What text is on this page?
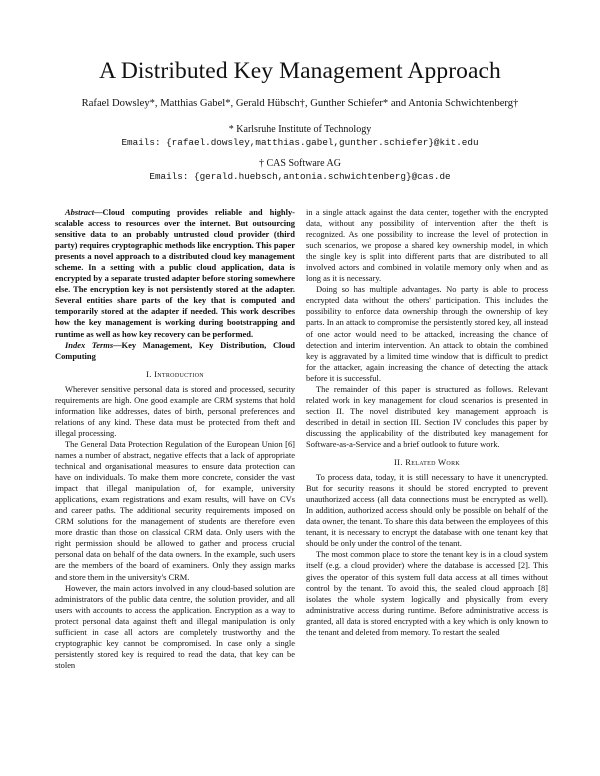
A Distributed Key Management Approach
Rafael Dowsley*, Matthias Gabel*, Gerald Hübsch†, Gunther Schiefer* and Antonia Schwichtenberg†
* Karlsruhe Institute of Technology
Emails: {rafael.dowsley,matthias.gabel,gunther.schiefer}@kit.edu
† CAS Software AG
Emails: {gerald.huebsch,antonia.schwichtenberg}@cas.de

Abstract—Cloud computing provides reliable and highly-scalable access to resources over the internet. But outsourcing sensitive data to an probably untrusted cloud provider (third party) requires cryptographic methods like encryption. This paper presents a novel approach to a distributed cloud key management scheme. In a setting with a public cloud application, data is encrypted by a separate trusted adapter before storing somewhere else. The encryption key is not persistently stored at the adapter. Several entities share parts of the key that is computed and temporarily stored at the adapter if needed. This work describes how the key management is working during bootstrapping and runtime as well as how key recovery can be performed.

Index Terms—Key Management, Key Distribution, Cloud Computing

I. Introduction

Wherever sensitive personal data is stored and processed, security requirements are high. One good example are CRM systems that hold information like addresses, dates of birth, personal preferences and relations of any kind. These data must be protected from theft and illegal processing.

The General Data Protection Regulation of the European Union [6] names a number of abstract, negative effects that a lack of appropriate technical and organisational measures to ensure data protection can have on individuals. To make them more concrete, consider the vast impact that illegal manipulation of, for example, university applications, exam registrations and exam results, will have on CVs and career paths. The additional security requirements imposed on CRM solutions for the management of students are therefore even more drastic than those on classical CRM data. Only users with the right permission should be allowed to gather and process crucial personal data on behalf of the data owners. In the example, such users are the members of the board of examiners. Only they assign marks and store them in the university's CRM.

However, the main actors involved in any cloud-based solution are administrators of the public data centre, the solution provider, and all users with accounts to access the application. Encryption as a way to protect personal data against theft and illegal manipulation is only sufficient in case all actors are completely trustworthy and the cryptographic key cannot be compromised. In case only a single persistently stored key is required to read the data, that key can be stolen

in a single attack against the data center, together with the encrypted data, without any possibility of intervention after the theft is recognized. As one possibility to increase the level of protection in such scenarios, we propose a shared key ownership model, in which the single key is split into different parts that are distributed to all involved actors and combined in volatile memory only when and as long as it is necessary.

Doing so has multiple advantages. No party is able to process encrypted data without the others' participation. This includes the possibility to enforce data ownership through the ownership of key parts. In an attack to compromise the persistently stored key, all instead of one actor would need to be attacked, increasing the chance of detection and interim intervention. An attack to obtain the combined key is aggravated by a limited time window that is difficult to predict for the attacker, again increasing the chance of detecting the attack before it is successful.

The remainder of this paper is structured as follows. Relevant related work in key management for cloud scenarios is presented in section II. The novel distributed key management approach is described in detail in section III. Section IV concludes this paper by discussing the applicability of the distributed key management for Software-as-a-Service and a brief outlook to future work.

II. Related Work

To process data, today, it is still necessary to have it unencrypted. But for security reasons it should be stored encrypted to prevent unauthorized access (all data connections must be encrypted as well). In addition, authorized access should only be possible on behalf of the data owner, the tenant. To share this data between the employees of this tenant, it is necessary to encrypt the database with one tenant key that should be only under the control of the tenant.

The most common place to store the tenant key is in a cloud system itself (e.g. a cloud provider) where the database is accessed [2]. This gives the operator of this system full data access at all times without control by the tenant. To avoid this, the sealed cloud approach [8] isolates the whole system logically and physically from every administrative access during runtime. Before administrative access is granted, all data is stored encrypted with a key which is only known to the tenant and deleted from memory. To restart the sealed
